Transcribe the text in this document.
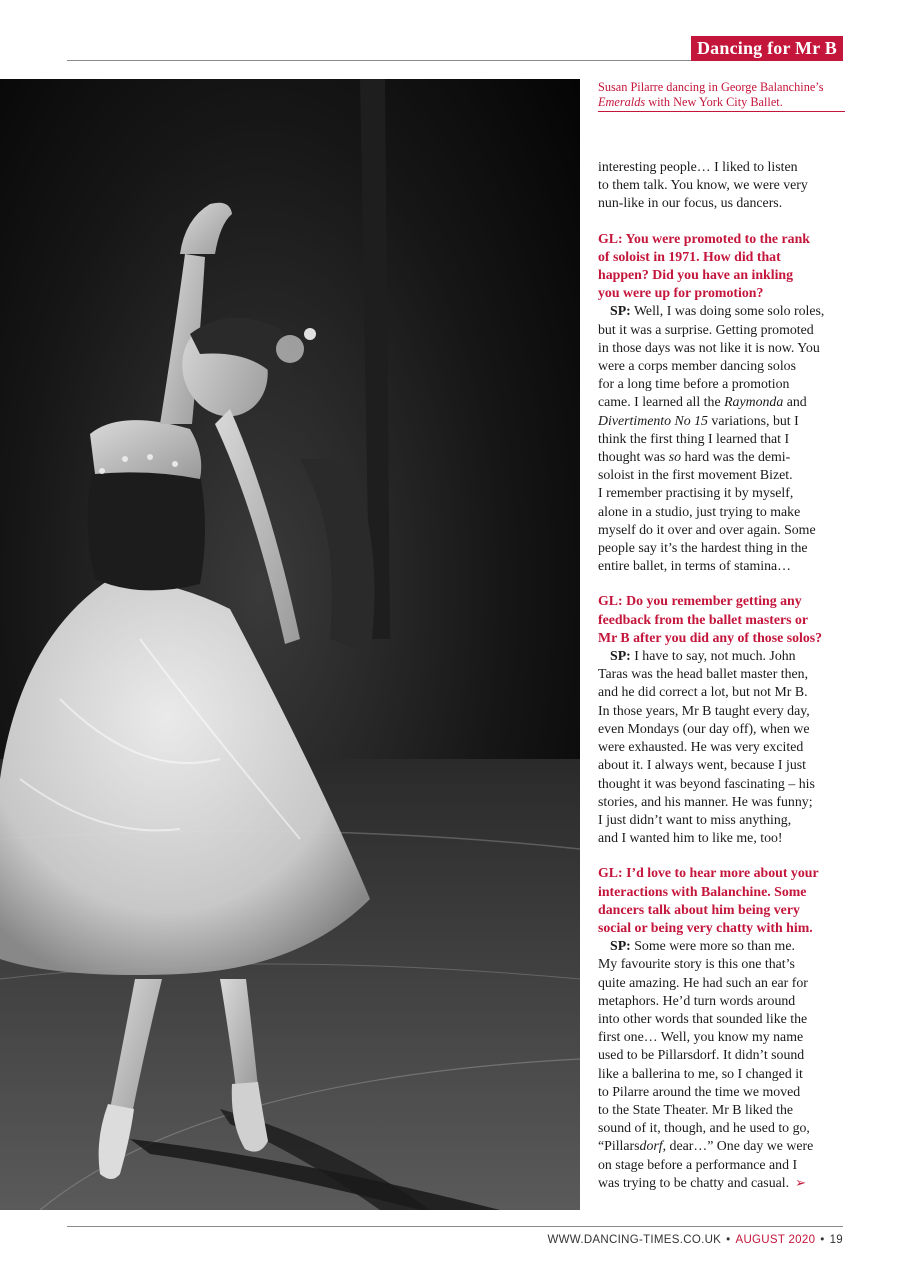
Dancing for Mr B
Susan Pilarre dancing in George Balanchine’s
Emeralds with New York City Ballet.

interesting people… I liked to listen
to them talk. You know, we were very
nun-like in our focus, us dancers.

GL: You were promoted to the rank
of soloist in 1971. How did that
happen? Did you have an inkling
you were up for promotion?

SP: Well, I was doing some solo roles,
but it was a surprise. Getting promoted
in those days was not like it is now. You
were a corps member dancing solos
for a long time before a promotion
came. I learned all the Raymonda and
Divertimento No 15 variations, but I
think the first thing I learned that I
thought was so hard was the demi-
soloist in the first movement Bizet.
I remember practising it by myself,
alone in a studio, just trying to make
myself do it over and over again. Some
people say it’s the hardest thing in the
entire ballet, in terms of stamina…

GL: Do you remember getting any
feedback from the ballet masters or
Mr B after you did any of those solos?

SP: I have to say, not much. John
Taras was the head ballet master then,
and he did correct a lot, but not Mr B.
In those years, Mr B taught every day,
even Mondays (our day off), when we
were exhausted. He was very excited
about it. I always went, because I just
thought it was beyond fascinating – his
stories, and his manner. He was funny;
I just didn’t want to miss anything,
and I wanted him to like me, too!

GL: I’d love to hear more about your
interactions with Balanchine. Some
dancers talk about him being very
social or being very chatty with him.

SP: Some were more so than me.
My favourite story is this one that’s
quite amazing. He had such an ear for
metaphors. He’d turn words around
into other words that sounded like the
first one… Well, you know my name
used to be Pillarsdorf. It didn’t sound
like a ballerina to me, so I changed it
to Pilarre around the time we moved
to the State Theater. Mr B liked the
sound of it, though, and he used to go,
“Pillarsdorf, dear…” One day we were
on stage before a performance and I
was trying to be chatty and casual. ➢

WWW.DANCING-TIMES.CO.UK • AUGUST 2020 • 19
